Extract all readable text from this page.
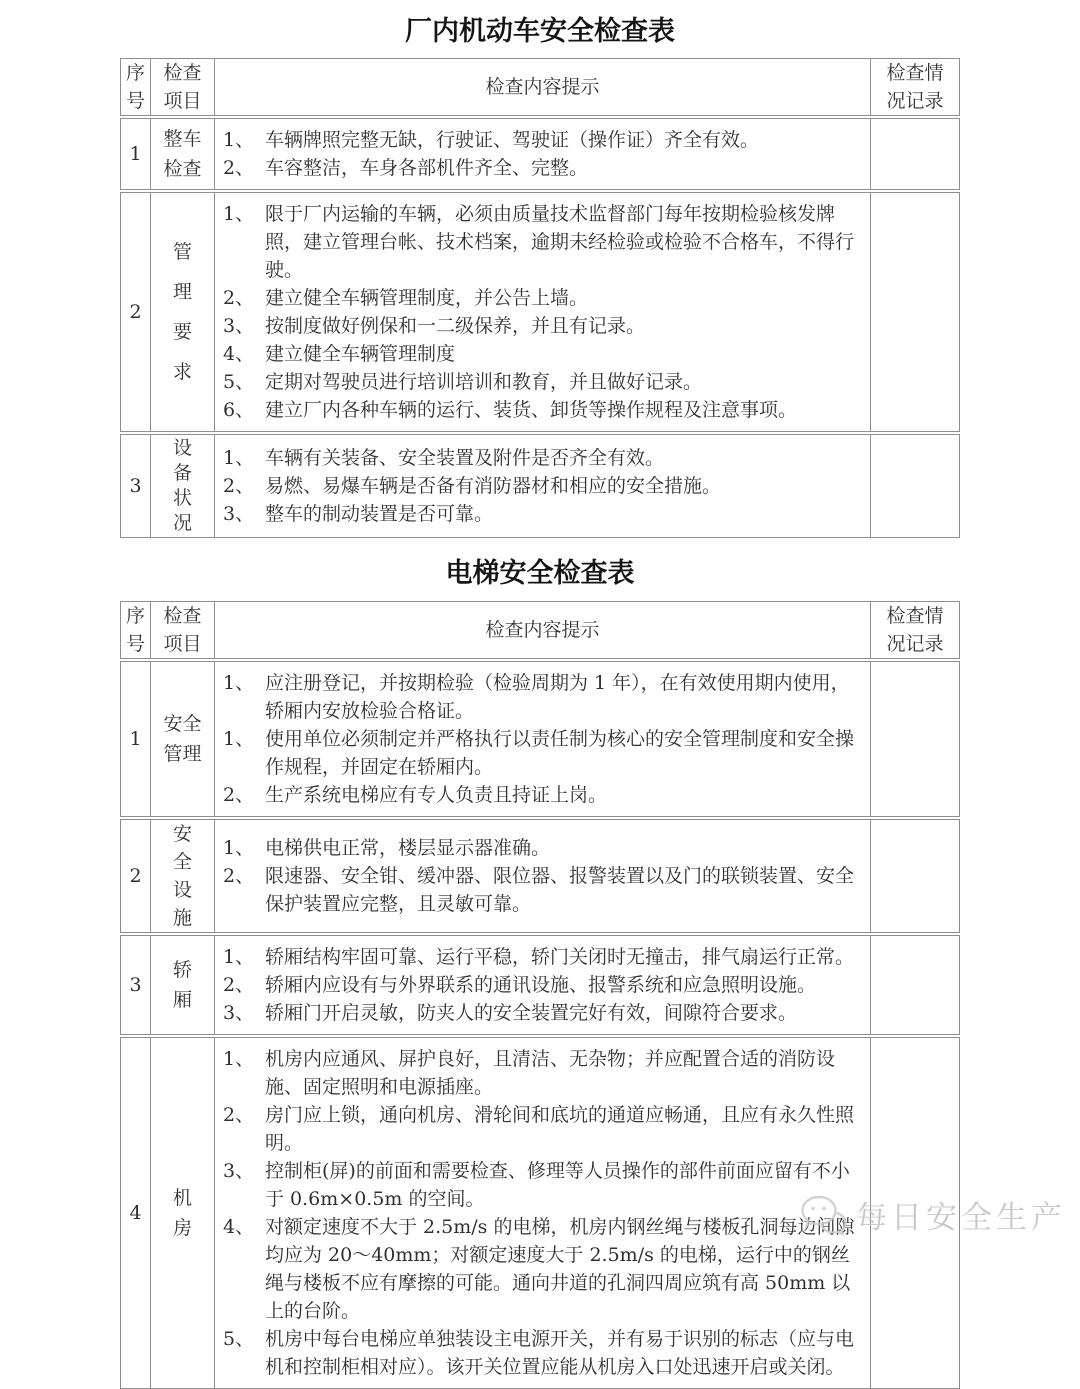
厂内机动车安全检查表
序
号
检查
项目
检查内容提示
检查情
况记录
1
整车
检查
1、 车辆牌照完整无缺，行驶证、驾驶证（操作证）齐全有效。
2、 车容整洁，车身各部机件齐全、完整。
2
管
理
要
求
1、 限于厂内运输的车辆，必须由质量技术监督部门每年按期检验核发牌照，建立管理台帐、技术档案，逾期未经检验或检验不合格车，不得行驶。
2、 建立健全车辆管理制度，并公告上墙。
3、 按制度做好例保和一二级保养，并且有记录。
4、 建立健全车辆管理制度
5、 定期对驾驶员进行培训培训和教育，并且做好记录。
6、 建立厂内各种车辆的运行、装货、卸货等操作规程及注意事项。
3
设
备
状
况
1、 车辆有关装备、安全装置及附件是否齐全有效。
2、 易燃、易爆车辆是否备有消防器材和相应的安全措施。
3、 整车的制动装置是否可靠。
电梯安全检查表
序
号
检查
项目
检查内容提示
检查情
况记录
1
安全
管理
1、 应注册登记，并按期检验（检验周期为 1 年），在有效使用期内使用，轿厢内安放检验合格证。
1、 使用单位必须制定并严格执行以责任制为核心的安全管理制度和安全操作规程，并固定在轿厢内。
2、 生产系统电梯应有专人负责且持证上岗。
2
安
全
设
施
1、 电梯供电正常，楼层显示器准确。
2、 限速器、安全钳、缓冲器、限位器、报警装置以及门的联锁装置、安全保护装置应完整，且灵敏可靠。
3
轿
厢
1、 轿厢结构牢固可靠、运行平稳，轿门关闭时无撞击，排气扇运行正常。
2、 轿厢内应设有与外界联系的通讯设施、报警系统和应急照明设施。
3、 轿厢门开启灵敏，防夹人的安全装置完好有效，间隙符合要求。
4
机
房
1、 机房内应通风、屏护良好，且清洁、无杂物；并应配置合适的消防设施、固定照明和电源插座。
2、 房门应上锁，通向机房、滑轮间和底坑的通道应畅通，且应有永久性照明。
3、 控制柜(屏)的前面和需要检查、修理等人员操作的部件前面应留有不小于 0.6m×0.5m 的空间。
4、 对额定速度不大于 2.5m/s 的电梯，机房内钢丝绳与楼板孔洞每边间隙均应为 20～40mm；对额定速度大于 2.5m/s 的电梯，运行中的钢丝绳与楼板不应有摩擦的可能。通向井道的孔洞四周应筑有高 50mm 以上的台阶。
5、 机房中每台电梯应单独装设主电源开关，并有易于识别的标志（应与电机和控制柜相对应）。该开关位置应能从机房入口处迅速开启或关闭。
每日安全生产
